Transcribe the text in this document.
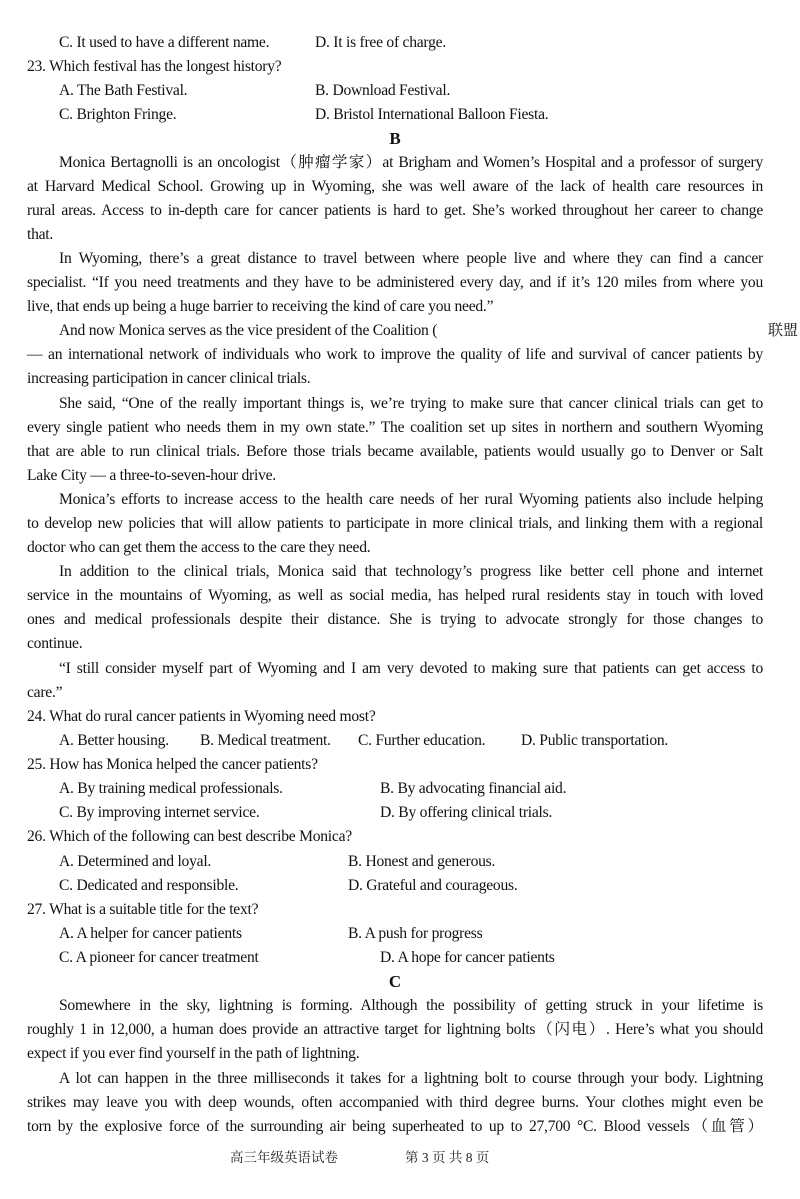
C. It used to have a different name.	D. It is free of charge.
23. Which festival has the longest history?
A. The Bath Festival.	B. Download Festival.
C. Brighton Fringe.	D. Bristol International Balloon Fiesta.
B
Monica Bertagnolli is an oncologist（肿瘤学家）at Brigham and Women’s Hospital and a professor of surgery
at Harvard Medical School. Growing up in Wyoming, she was well aware of the lack of health care resources in
rural areas. Access to in-depth care for cancer patients is hard to get. She’s worked throughout her career to change
that.
In Wyoming, there’s a great distance to travel between where people live and where they can find a cancer
specialist. “If you need treatments and they have to be administered every day, and if it’s 120 miles from where you
live, that ends up being a huge barrier to receiving the kind of care you need.”
And now Monica serves as the vice president of the Coalition (	联盟
— an international network of individuals who work to improve the quality of life and survival of cancer patients by
increasing participation in cancer clinical trials.
She said, “One of the really important things is, we’re trying to make sure that cancer clinical trials can get to
every single patient who needs them in my own state.” The coalition set up sites in northern and southern Wyoming
that are able to run clinical trials. Before those trials became available, patients would usually go to Denver or Salt
Lake City — a three-to-seven-hour drive.
Monica’s efforts to increase access to the health care needs of her rural Wyoming patients also include helping
to develop new policies that will allow patients to participate in more clinical trials, and linking them with a regional
doctor who can get them the access to the care they need.
In addition to the clinical trials, Monica said that technology’s progress like better cell phone and internet
service in the mountains of Wyoming, as well as social media, has helped rural residents stay in touch with loved
ones and medical professionals despite their distance. She is trying to advocate strongly for those changes to
continue.
“I still consider myself part of Wyoming and I am very devoted to making sure that patients can get access to
care.”
24. What do rural cancer patients in Wyoming need most?
A. Better housing. B. Medical treatment. C. Further education. D. Public transportation.
25. How has Monica helped the cancer patients?
A. By training medical professionals.	B. By advocating financial aid.
C. By improving internet service.	D. By offering clinical trials.
26. Which of the following can best describe Monica?
A. Determined and loyal.	B. Honest and generous.
C. Dedicated and responsible.	D. Grateful and courageous.
27. What is a suitable title for the text?
A. A helper for cancer patients	B. A push for progress
C. A pioneer for cancer treatment	D. A hope for cancer patients
C
Somewhere in the sky, lightning is forming. Although the possibility of getting struck in your lifetime is
roughly 1 in 12,000, a human does provide an attractive target for lightning bolts（闪电）. Here’s what you should
expect if you ever find yourself in the path of lightning.
A lot can happen in the three milliseconds it takes for a lightning bolt to course through your body. Lightning
strikes may leave you with deep wounds, often accompanied with third degree burns. Your clothes might even be
torn by the explosive force of the surrounding air being superheated to up to 27,700 °C. Blood vessels（血管）
高三年级英语试卷	第 3 页 共 8 页
